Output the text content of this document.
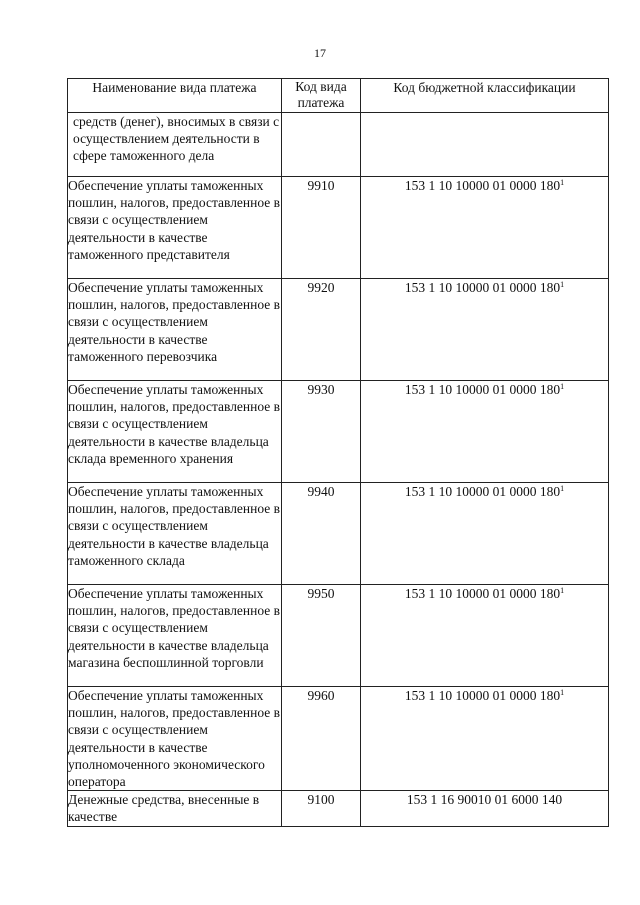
17
Наименование вида платежа	Код вида платежа	Код бюджетной классификации
средств (денег), вносимых в связи с осуществлением деятельности в сфере таможенного дела		
Обеспечение уплаты таможенных пошлин, налогов, предоставленное в связи с осуществлением деятельности в качестве таможенного представителя	9910	153 1 10 10000 01 0000 $180^1$
Обеспечение уплаты таможенных пошлин, налогов, предоставленное в связи с осуществлением деятельности в качестве таможенного перевозчика	9920	153 1 10 10000 01 0000 $180^1$
Обеспечение уплаты таможенных пошлин, налогов, предоставленное в связи с осуществлением деятельности в качестве владельца склада временного хранения	9930	153 1 10 10000 01 0000 $180^1$
Обеспечение уплаты таможенных пошлин, налогов, предоставленное в связи с осуществлением деятельности в качестве владельца таможенного склада	9940	153 1 10 10000 01 0000 $180^1$
Обеспечение уплаты таможенных пошлин, налогов, предоставленное в связи с осуществлением деятельности в качестве владельца магазина беспошлинной торговли	9950	153 1 10 10000 01 0000 $180^1$
Обеспечение уплаты таможенных пошлин, налогов, предоставленное в связи с осуществлением деятельности в качестве уполномоченного экономического оператора	9960	153 1 10 10000 01 0000 $180^1$
Денежные средства, внесенные в качестве	9100	153 1 16 90010 01 6000 140
